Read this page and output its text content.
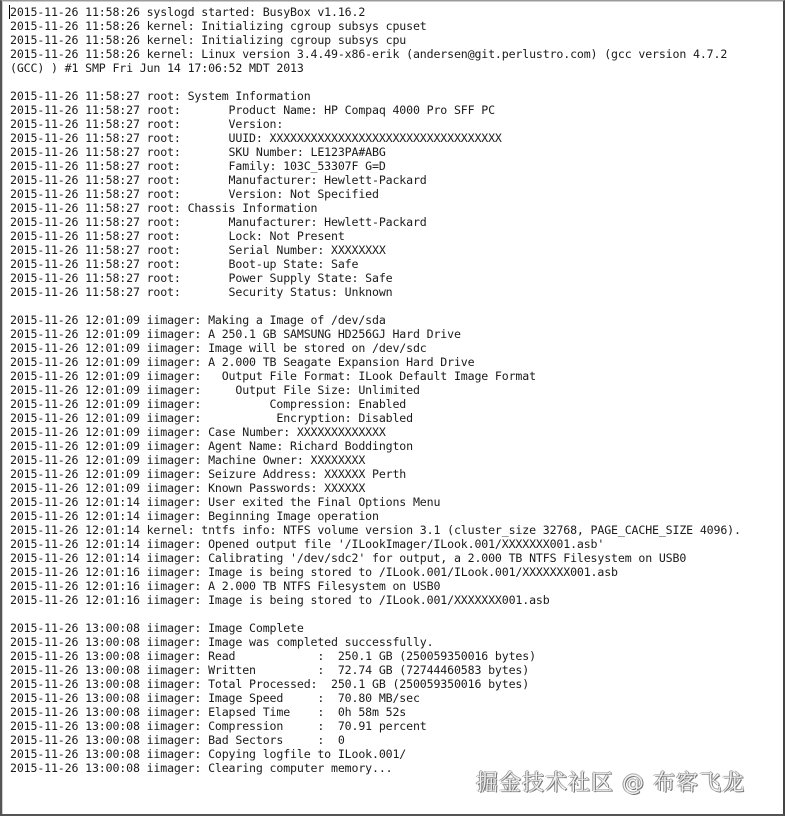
2015-11-26 11:58:26 syslogd started: BusyBox v1.16.2
2015-11-26 11:58:26 kernel: Initializing cgroup subsys cpuset
2015-11-26 11:58:26 kernel: Initializing cgroup subsys cpu
2015-11-26 11:58:26 kernel: Linux version 3.4.49-x86-erik (andersen@git.perlustro.com) (gcc version 4.7.2
(GCC) ) #1 SMP Fri Jun 14 17:06:52 MDT 2013

2015-11-26 11:58:27 root: System Information
2015-11-26 11:58:27 root:       Product Name: HP Compaq 4000 Pro SFF PC
2015-11-26 11:58:27 root:       Version:
2015-11-26 11:58:27 root:       UUID: XXXXXXXXXXXXXXXXXXXXXXXXXXXXXXXXXX
2015-11-26 11:58:27 root:       SKU Number: LE123PA#ABG
2015-11-26 11:58:27 root:       Family: 103C_53307F G=D
2015-11-26 11:58:27 root:       Manufacturer: Hewlett-Packard
2015-11-26 11:58:27 root:       Version: Not Specified
2015-11-26 11:58:27 root: Chassis Information
2015-11-26 11:58:27 root:       Manufacturer: Hewlett-Packard
2015-11-26 11:58:27 root:       Lock: Not Present
2015-11-26 11:58:27 root:       Serial Number: XXXXXXXX
2015-11-26 11:58:27 root:       Boot-up State: Safe
2015-11-26 11:58:27 root:       Power Supply State: Safe
2015-11-26 11:58:27 root:       Security Status: Unknown

2015-11-26 12:01:09 iimager: Making a Image of /dev/sda
2015-11-26 12:01:09 iimager: A 250.1 GB SAMSUNG HD256GJ Hard Drive
2015-11-26 12:01:09 iimager: Image will be stored on /dev/sdc
2015-11-26 12:01:09 iimager: A 2.000 TB Seagate Expansion Hard Drive
2015-11-26 12:01:09 iimager:   Output File Format: ILook Default Image Format
2015-11-26 12:01:09 iimager:     Output File Size: Unlimited
2015-11-26 12:01:09 iimager:          Compression: Enabled
2015-11-26 12:01:09 iimager:           Encryption: Disabled
2015-11-26 12:01:09 iimager: Case Number: XXXXXXXXXXXXX
2015-11-26 12:01:09 iimager: Agent Name: Richard Boddington
2015-11-26 12:01:09 iimager: Machine Owner: XXXXXXXX
2015-11-26 12:01:09 iimager: Seizure Address: XXXXXX Perth
2015-11-26 12:01:09 iimager: Known Passwords: XXXXXX
2015-11-26 12:01:14 iimager: User exited the Final Options Menu
2015-11-26 12:01:14 iimager: Beginning Image operation
2015-11-26 12:01:14 kernel: tntfs info: NTFS volume version 3.1 (cluster_size 32768, PAGE_CACHE_SIZE 4096).
2015-11-26 12:01:14 iimager: Opened output file '/ILookImager/ILook.001/XXXXXXX001.asb'
2015-11-26 12:01:14 iimager: Calibrating '/dev/sdc2' for output, a 2.000 TB NTFS Filesystem on USB0
2015-11-26 12:01:16 iimager: Image is being stored to /ILook.001/ILook.001/XXXXXXX001.asb
2015-11-26 12:01:16 iimager: A 2.000 TB NTFS Filesystem on USB0
2015-11-26 12:01:16 iimager: Image is being stored to /ILook.001/XXXXXXX001.asb

2015-11-26 13:00:08 iimager: Image Complete
2015-11-26 13:00:08 iimager: Image was completed successfully.
2015-11-26 13:00:08 iimager: Read            :  250.1 GB (250059350016 bytes)
2015-11-26 13:00:08 iimager: Written         :  72.74 GB (72744460583 bytes)
2015-11-26 13:00:08 iimager: Total Processed:  250.1 GB (250059350016 bytes)
2015-11-26 13:00:08 iimager: Image Speed     :  70.80 MB/sec
2015-11-26 13:00:08 iimager: Elapsed Time    :  0h 58m 52s
2015-11-26 13:00:08 iimager: Compression     :  70.91 percent
2015-11-26 13:00:08 iimager: Bad Sectors     :  0
2015-11-26 13:00:08 iimager: Copying logfile to ILook.001/
2015-11-26 13:00:08 iimager: Clearing computer memory...
掘金技术社区 @ 布客飞龙
